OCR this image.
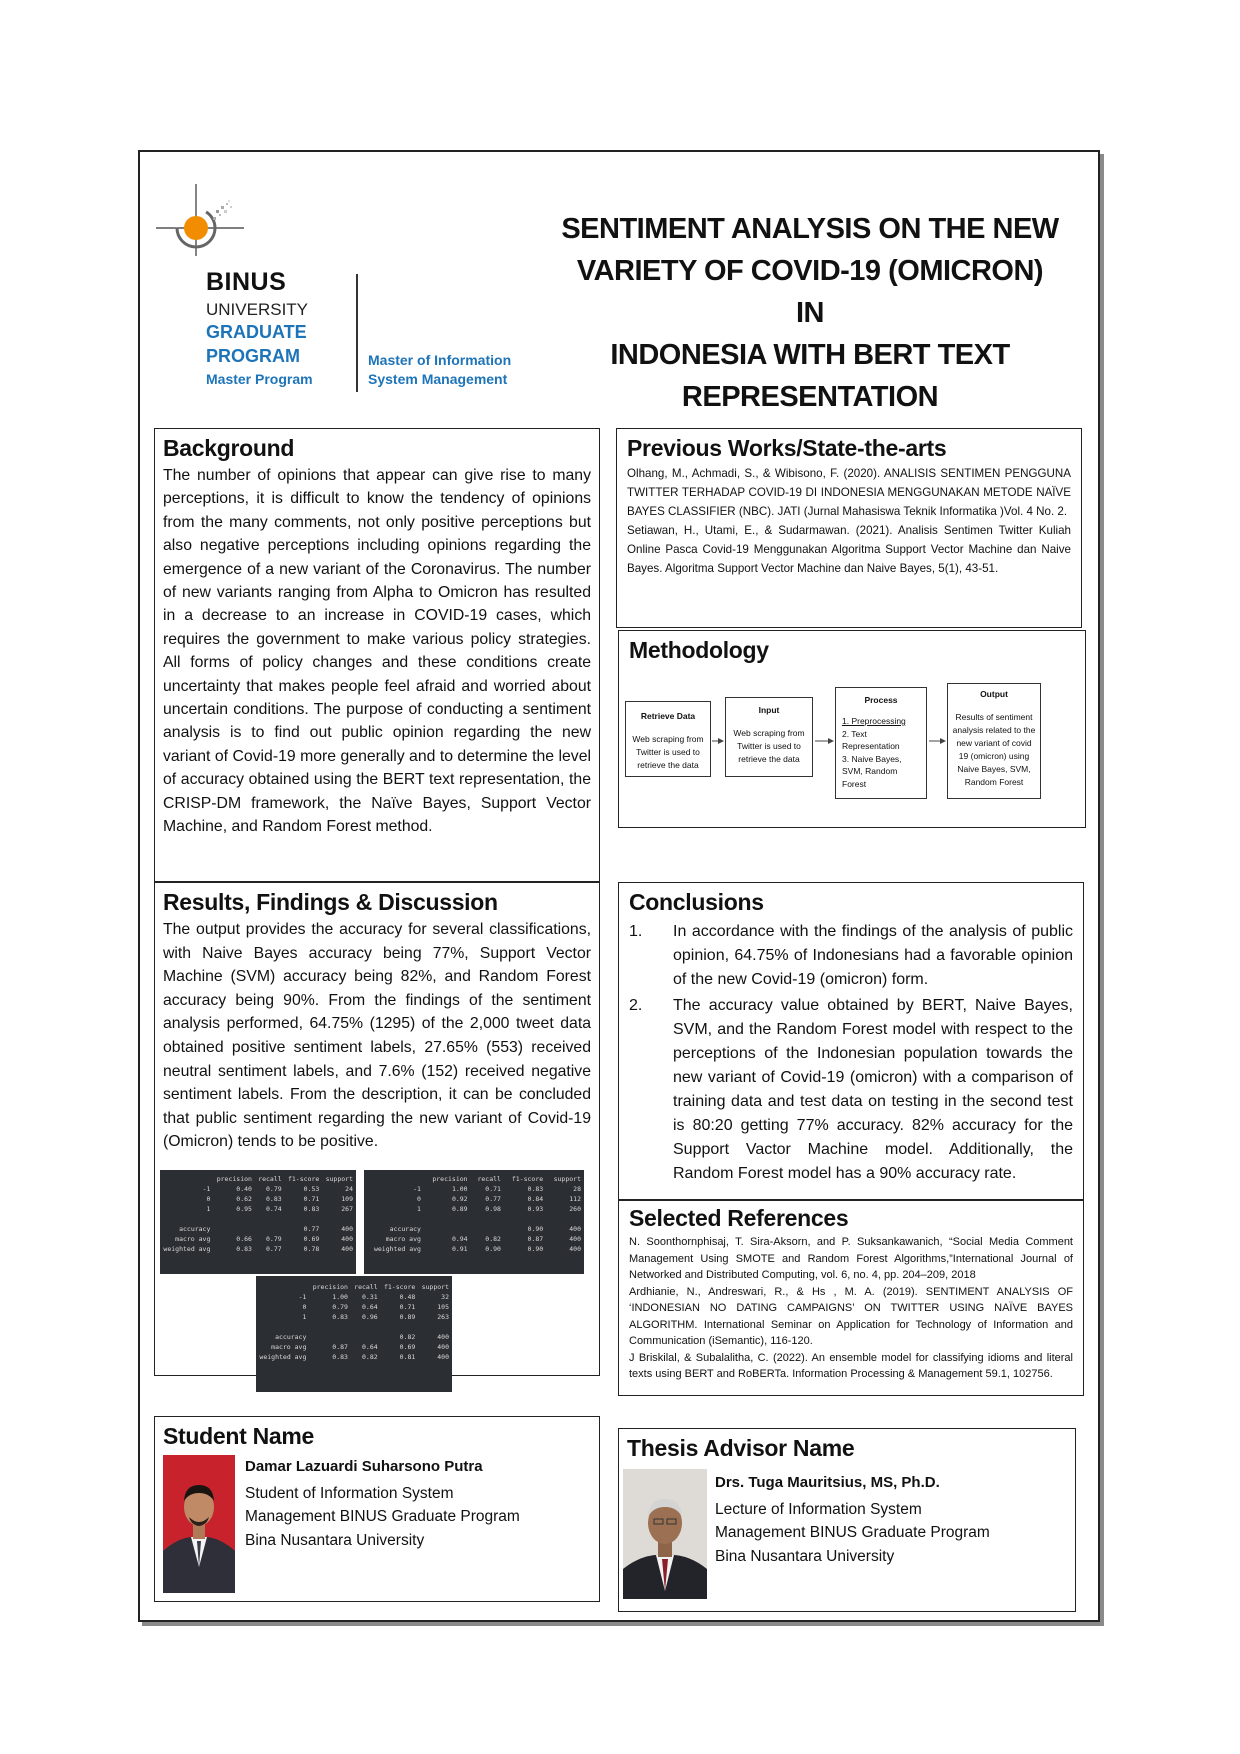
BINUS
UNIVERSITY
GRADUATE
PROGRAM
Master Program
Master of Information
System Management
SENTIMENT ANALYSIS ON THE NEW
VARIETY OF COVID-19 (OMICRON) IN
INDONESIA WITH BERT TEXT
REPRESENTATION
Background
The number of opinions that appear can give rise to many perceptions, it is difficult to know the tendency of opinions from the many comments, not only positive perceptions but also negative perceptions including opinions regarding the emergence of a new variant of the Coronavirus. The number of new variants ranging from Alpha to Omicron has resulted in a decrease to an increase in COVID-19 cases, which requires the government to make various policy strategies. All forms of policy changes and these conditions create uncertainty that makes people feel afraid and worried about uncertain conditions. The purpose of conducting a sentiment analysis is to find out public opinion regarding the new variant of Covid-19 more generally and to determine the level of accuracy obtained using the BERT text representation, the CRISP-DM framework, the Naïve Bayes, Support Vector Machine, and Random Forest method.
Previous Works/State-the-arts

Olhang, M., Achmadi, S., & Wibisono, F. (2020). ANALISIS SENTIMEN PENGGUNA TWITTER TERHADAP COVID-19 DI INDONESIA MENGGUNAKAN METODE NAÏVE BAYES CLASSIFIER (NBC). JATI (Jurnal Mahasiswa Teknik Informatika )Vol. 4 No. 2.

Setiawan, H., Utami, E., & Sudarmawan. (2021). Analisis Sentimen Twitter Kuliah Online Pasca Covid-19 Menggunakan Algoritma Support Vector Machine dan Naive Bayes. Algoritma Support Vector Machine dan Naive Bayes, 5(1), 43-51.

Methodology
Retrieve Data
Web scraping from Twitter is used to retrieve the data
Input
Web scraping from Twitter is used to retrieve the data
Process
1. Preprocessing
2. Text Representation
3. Naive Bayes, SVM, Random Forest
Output
Results of sentiment analysis related to the new variant of covid 19 (omicron) using Naive Bayes, SVM, Random Forest
Results, Findings & Discussion
The output provides the accuracy for several classifications, with Naive Bayes accuracy being 77%, Support Vector Machine (SVM) accuracy being 82%, and Random Forest accuracy being 90%. From the findings of the sentiment analysis performed, 64.75% (1295) of the 2,000 tweet data obtained positive sentiment labels, 27.65% (553) received neutral sentiment labels, and 7.6% (152) received negative sentiment labels. From the description, it can be concluded that public sentiment regarding the new variant of Covid-19 (Omicron) tends to be positive.
	precision	recall	f1-score	support
-1	0.40	0.79	0.53	24
0	0.62	0.83	0.71	109
1	0.95	0.74	0.83	267

accuracy			0.77	400
macro avg	0.66	0.79	0.69	400
weighted avg	0.83	0.77	0.78	400
	precision	recall	f1-score	support
-1	1.00	0.71	0.83	28
0	0.92	0.77	0.84	112
1	0.89	0.98	0.93	260

accuracy			0.90	400
macro avg	0.94	0.82	0.87	400
weighted avg	0.91	0.90	0.90	400
	precision	recall	f1-score	support
-1	1.00	0.31	0.48	32
0	0.79	0.64	0.71	105
1	0.83	0.96	0.89	263

accuracy			0.82	400
macro avg	0.87	0.64	0.69	400
weighted avg	0.83	0.82	0.81	400
Conclusions
1. In accordance with the findings of the analysis of public opinion, 64.75% of Indonesians had a favorable opinion of the new Covid-19 (omicron) form.
2. The accuracy value obtained by BERT, Naive Bayes, SVM, and the Random Forest model with respect to the perceptions of the Indonesian population towards the new variant of Covid-19 (omicron) with a comparison of training data and test data on testing in the second test is 80:20 getting 77% accuracy. 82% accuracy for the Support Vactor Machine model. Additionally, the Random Forest model has a 90% accuracy rate.
Selected References

N. Soonthornphisaj, T. Sira-Aksorn, and P. Suksankawanich, “Social Media Comment Management Using SMOTE and Random Forest Algorithms,”International Journal of Networked and Distributed Computing, vol. 6, no. 4, pp. 204–209, 2018

Ardhianie, N., Andreswari, R., & Hs , M. A. (2019). SENTIMENT ANALYSIS OF ‘INDONESIAN NO DATING CAMPAIGNS’ ON TWITTER USING NAÏVE BAYES ALGORITHM. International Seminar on Application for Technology of Information and Communication (iSemantic), 116-120.

J Briskilal, & Subalalitha, C. (2022). An ensemble model for classifying idioms and literal texts using BERT and RoBERTa. Information Processing & Management 59.1, 102756.

Student Name
Damar Lazuardi Suharsono Putra
Student of Information System
Management BINUS Graduate Program
Bina Nusantara University
Thesis Advisor Name
Drs. Tuga Mauritsius, MS, Ph.D.
Lecture of Information System
Management BINUS Graduate Program
Bina Nusantara University
